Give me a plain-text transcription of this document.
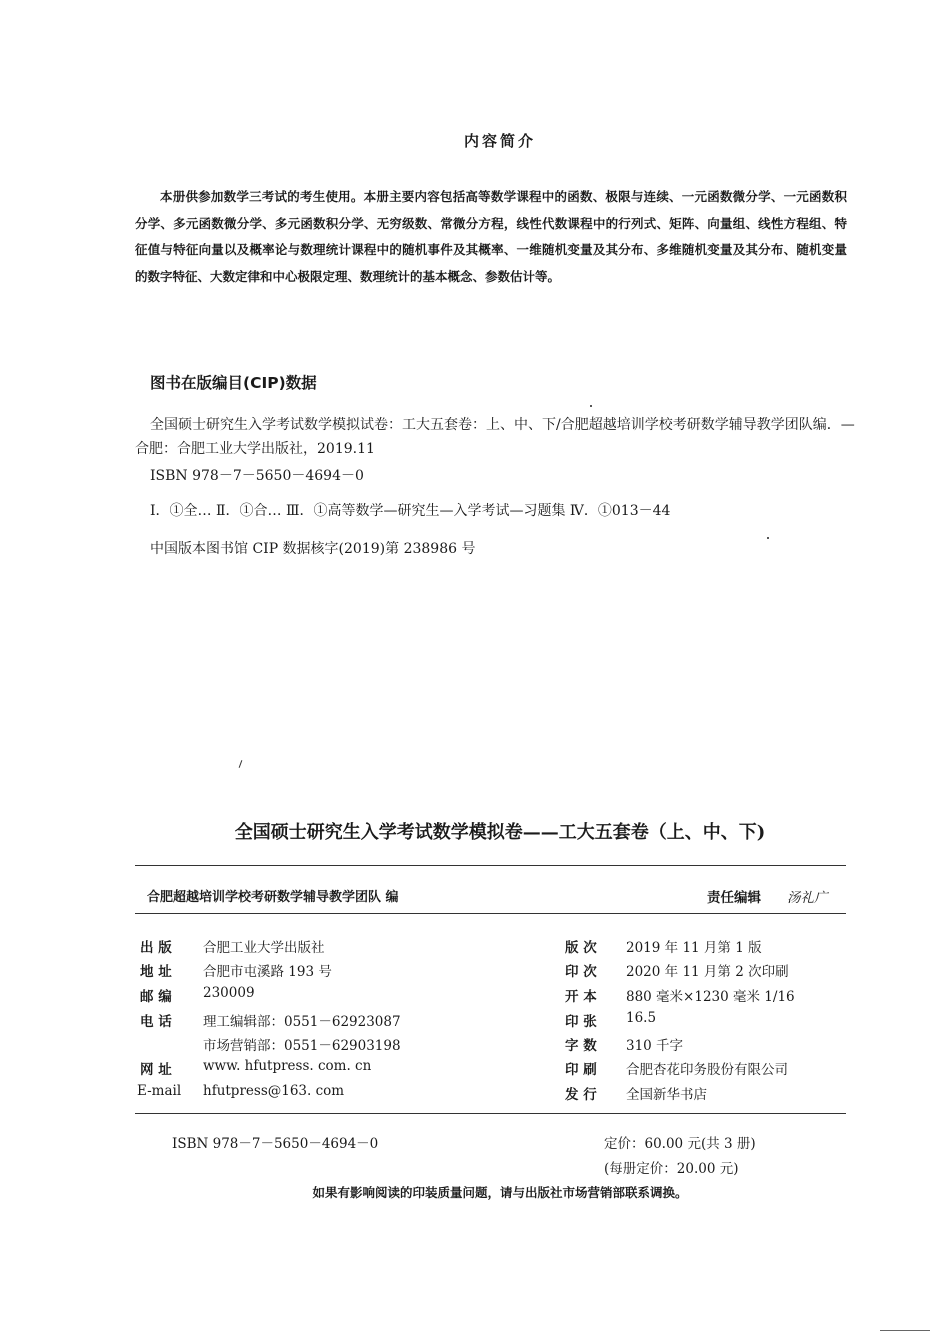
内容简介
本册供参加数学三考试的考生使用。本册主要内容包括高等数学课程中的函数、极限与连续、一元函数微分学、一元函数积分学、多元函数微分学、多元函数积分学、无穷级数、常微分方程，线性代数课程中的行列式、矩阵、向量组、线性方程组、特征值与特征向量以及概率论与数理统计课程中的随机事件及其概率、一维随机变量及其分布、多维随机变量及其分布、随机变量的数字特征、大数定律和中心极限定理、数理统计的基本概念、参数估计等。
图书在版编目(CIP)数据
全国硕士研究生入学考试数学模拟试卷：工大五套卷：上、中、下/合肥超越培训学校考研数学辅导教学团队编．—合肥：合肥工业大学出版社，2019.11
ISBN 978－7－5650－4694－0
Ⅰ．①全… Ⅱ．①合… Ⅲ．①高等数学—研究生—入学考试—习题集 Ⅳ．①013－44
中国版本图书馆 CIP 数据核字(2019)第 238986 号
全国硕士研究生入学考试数学模拟卷——工大五套卷（上、中、下)
合肥超越培训学校考研数学辅导教学团队 编	责任编辑 汤礼广
出 版 合肥工业大学出版社
地 址 合肥市屯溪路 193 号
邮 编 230009
电 话 理工编辑部：0551－62923087
市场营销部：0551－62903198
网 址 www. hfutpress. com. cn
E-mail hfutpress@163. com
版 次 2019 年 11 月第 1 版
印 次 2020 年 11 月第 2 次印刷
开 本 880 毫米×1230 毫米 1/16
印 张 16.5
字 数 310 千字
印 刷 合肥杏花印务股份有限公司
发 行 全国新华书店
ISBN 978－7－5650－4694－0	定价：60.00 元(共 3 册)
(每册定价：20.00 元)
如果有影响阅读的印装质量问题，请与出版社市场营销部联系调换。
